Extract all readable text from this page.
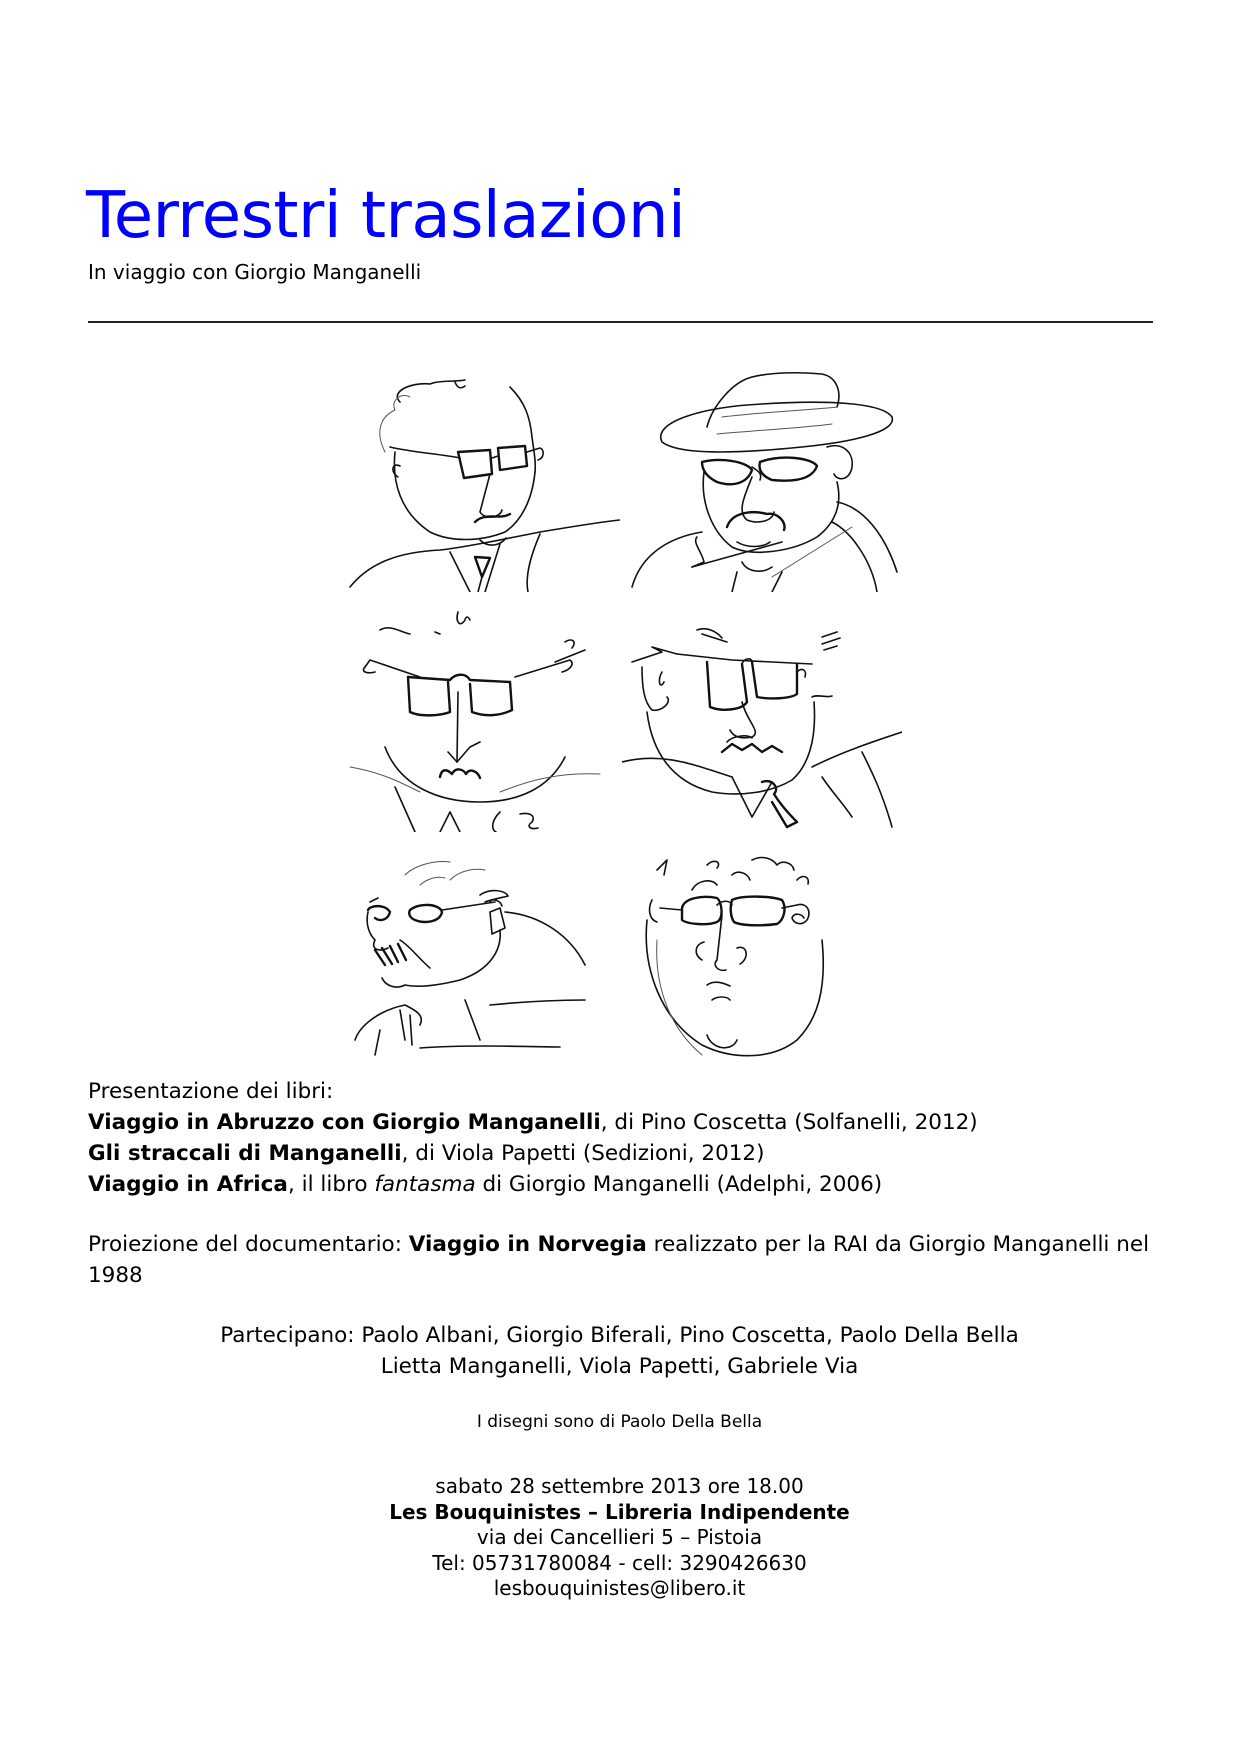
Terrestri traslazioni

In viaggio con Giorgio Manganelli

Presentazione dei libri:
Viaggio in Abruzzo con Giorgio Manganelli, di Pino Coscetta (Solfanelli, 2012)
Gli straccali di Manganelli, di Viola Papetti (Sedizioni, 2012)
Viaggio in Africa, il libro fantasma di Giorgio Manganelli (Adelphi, 2006)
Proiezione del documentario: Viaggio in Norvegia realizzato per la RAI da Giorgio Manganelli nel 1988
Partecipano: Paolo Albani, Giorgio Biferali, Pino Coscetta, Paolo Della Bella
Lietta Manganelli, Viola Papetti, Gabriele Via
I disegni sono di Paolo Della Bella
sabato 28 settembre 2013 ore 18.00
Les Bouquinistes – Libreria Indipendente
via dei Cancellieri 5 – Pistoia
Tel: 05731780084 - cell: 3290426630
lesbouquinistes@libero.it
